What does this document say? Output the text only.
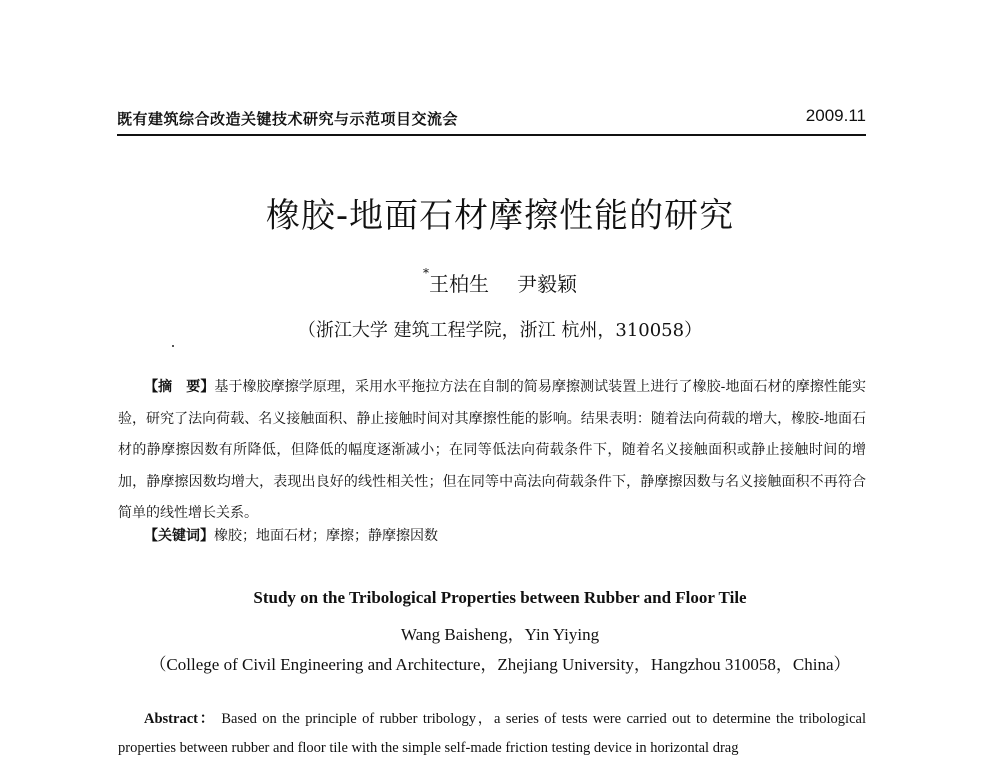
既有建筑综合改造关键技术研究与示范项目交流会	2009.11
橡胶-地面石材摩擦性能的研究
*王柏生 尹毅颖
（浙江大学 建筑工程学院，浙江 杭州，310058）

【摘　要】基于橡胶摩擦学原理，采用水平拖拉方法在自制的简易摩擦测试装置上进行了橡胶-地面石材的摩擦性能实验，研究了法向荷载、名义接触面积、静止接触时间对其摩擦性能的影响。结果表明：随着法向荷载的增大，橡胶-地面石材的静摩擦因数有所降低，但降低的幅度逐渐减小；在同等低法向荷载条件下，随着名义接触面积或静止接触时间的增加，静摩擦因数均增大，表现出良好的线性相关性；但在同等中高法向荷载条件下，静摩擦因数与名义接触面积不再符合简单的线性增长关系。

【关键词】橡胶；地面石材；摩擦；静摩擦因数
Study on the Tribological Properties between Rubber and Floor Tile
Wang Baisheng，Yin Yiying
（College of Civil Engineering and Architecture，Zhejiang University，Hangzhou 310058，China）

Abstract： Based on the principle of rubber tribology，a series of tests were carried out to determine the tribological properties between rubber and floor tile with the simple self-made friction testing device in horizontal drag
